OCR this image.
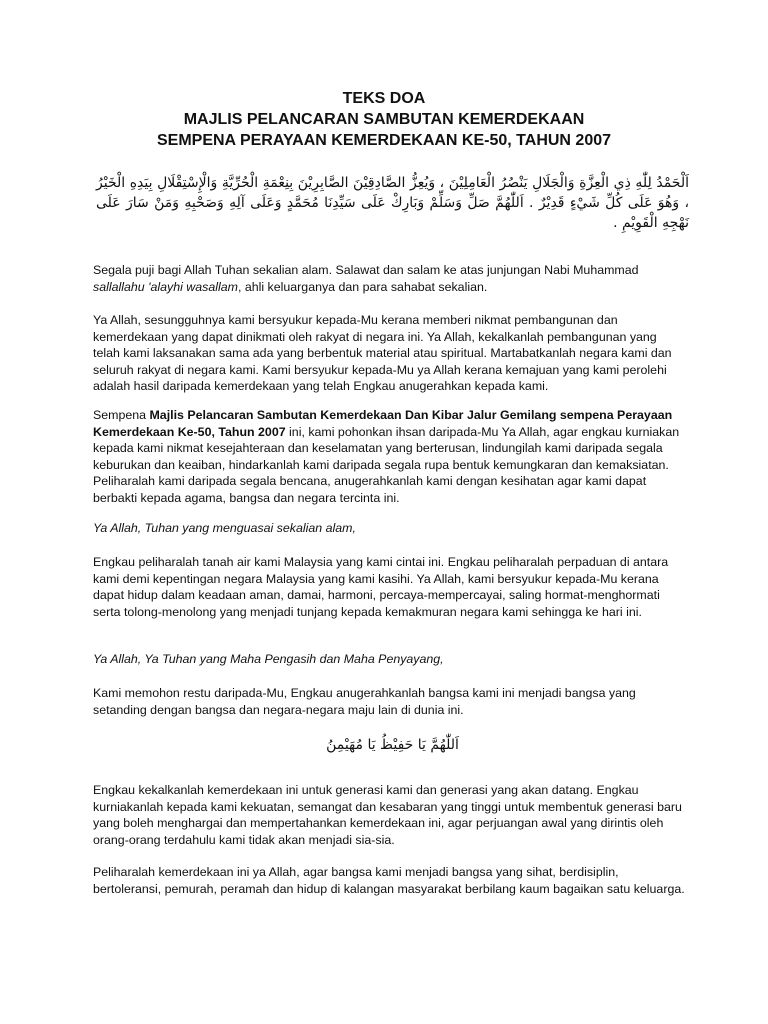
TEKS DOA
MAJLIS PELANCARAN SAMBUTAN KEMERDEKAAN
SEMPENA PERAYAAN KEMERDEKAAN KE-50, TAHUN 2007
اَلْحَمْدُ لِلّٰهِ ذِي الْعِزَّةِ وَالْجَلَالِ يَنْصُرُ الْعَامِلِيْنَ ، وَيُعِزُّ الصَّادِقِيْنَ الصَّابِرِيْنَ بِنِعْمَةِ الْحُرِّيَّةِ وَالْإِسْتِقْلَالِ بِيَدِهِ الْخَيْرُ ، وَهُوَ عَلَى كُلِّ شَيْءٍ قَدِيْرٌ . اَللّٰهُمَّ صَلِّ وَسَلِّمْ وَبَارِكْ عَلَى سَيِّدِنَا مُحَمَّدٍ وَعَلَى آلِهِ وَصَحْبِهِ وَمَنْ سَارَ عَلَى نَهْجِهِ الْقَوِيْمِ .

Segala puji bagi Allah Tuhan sekalian alam. Salawat dan salam ke atas junjungan Nabi Muhammad sallallahu 'alayhi wasallam, ahli keluarganya dan para sahabat sekalian.

Ya Allah, sesungguhnya kami bersyukur kepada-Mu kerana memberi nikmat pembangunan dan kemerdekaan yang dapat dinikmati oleh rakyat di negara ini. Ya Allah, kekalkanlah pembangunan yang telah kami laksanakan sama ada yang berbentuk material atau spiritual. Martabatkanlah negara kami dan seluruh rakyat di negara kami. Kami bersyukur kepada-Mu ya Allah kerana kemajuan yang kami perolehi adalah hasil daripada kemerdekaan yang telah Engkau anugerahkan kepada kami.

Sempena Majlis Pelancaran Sambutan Kemerdekaan Dan Kibar Jalur Gemilang sempena Perayaan Kemerdekaan Ke-50, Tahun 2007 ini, kami pohonkan ihsan daripada-Mu Ya Allah, agar engkau kurniakan kepada kami nikmat kesejahteraan dan keselamatan yang berterusan, lindungilah kami daripada segala keburukan dan keaiban, hindarkanlah kami daripada segala rupa bentuk kemungkaran dan kemaksiatan. Peliharalah kami daripada segala bencana, anugerahkanlah kami dengan kesihatan agar kami dapat berbakti kepada agama, bangsa dan negara tercinta ini.

Ya Allah, Tuhan yang menguasai sekalian alam,

Engkau peliharalah tanah air kami Malaysia yang kami cintai ini. Engkau peliharalah perpaduan di antara kami demi kepentingan negara Malaysia yang kami kasihi. Ya Allah, kami bersyukur kepada-Mu kerana dapat hidup dalam keadaan aman, damai, harmoni, percaya-mempercayai, saling hormat-menghormati serta tolong-menolong yang menjadi tunjang kepada kemakmuran negara kami sehingga ke hari ini.

Ya Allah, Ya Tuhan yang Maha Pengasih dan Maha Penyayang,

Kami memohon restu daripada-Mu, Engkau anugerahkanlah bangsa kami ini menjadi bangsa yang setanding dengan bangsa dan negara-negara maju lain di dunia ini.

اَللّٰهُمَّ يَا حَفِيْظُ يَا مُهَيْمِنُ

Engkau kekalkanlah kemerdekaan ini untuk generasi kami dan generasi yang akan datang. Engkau kurniakanlah kepada kami kekuatan, semangat dan kesabaran yang tinggi untuk membentuk generasi baru yang boleh menghargai dan mempertahankan kemerdekaan ini, agar perjuangan awal yang dirintis oleh orang-orang terdahulu kami tidak akan menjadi sia-sia.

Peliharalah kemerdekaan ini ya Allah, agar bangsa kami menjadi bangsa yang sihat, berdisiplin, bertoleransi, pemurah, peramah dan hidup di kalangan masyarakat berbilang kaum bagaikan satu keluarga.
